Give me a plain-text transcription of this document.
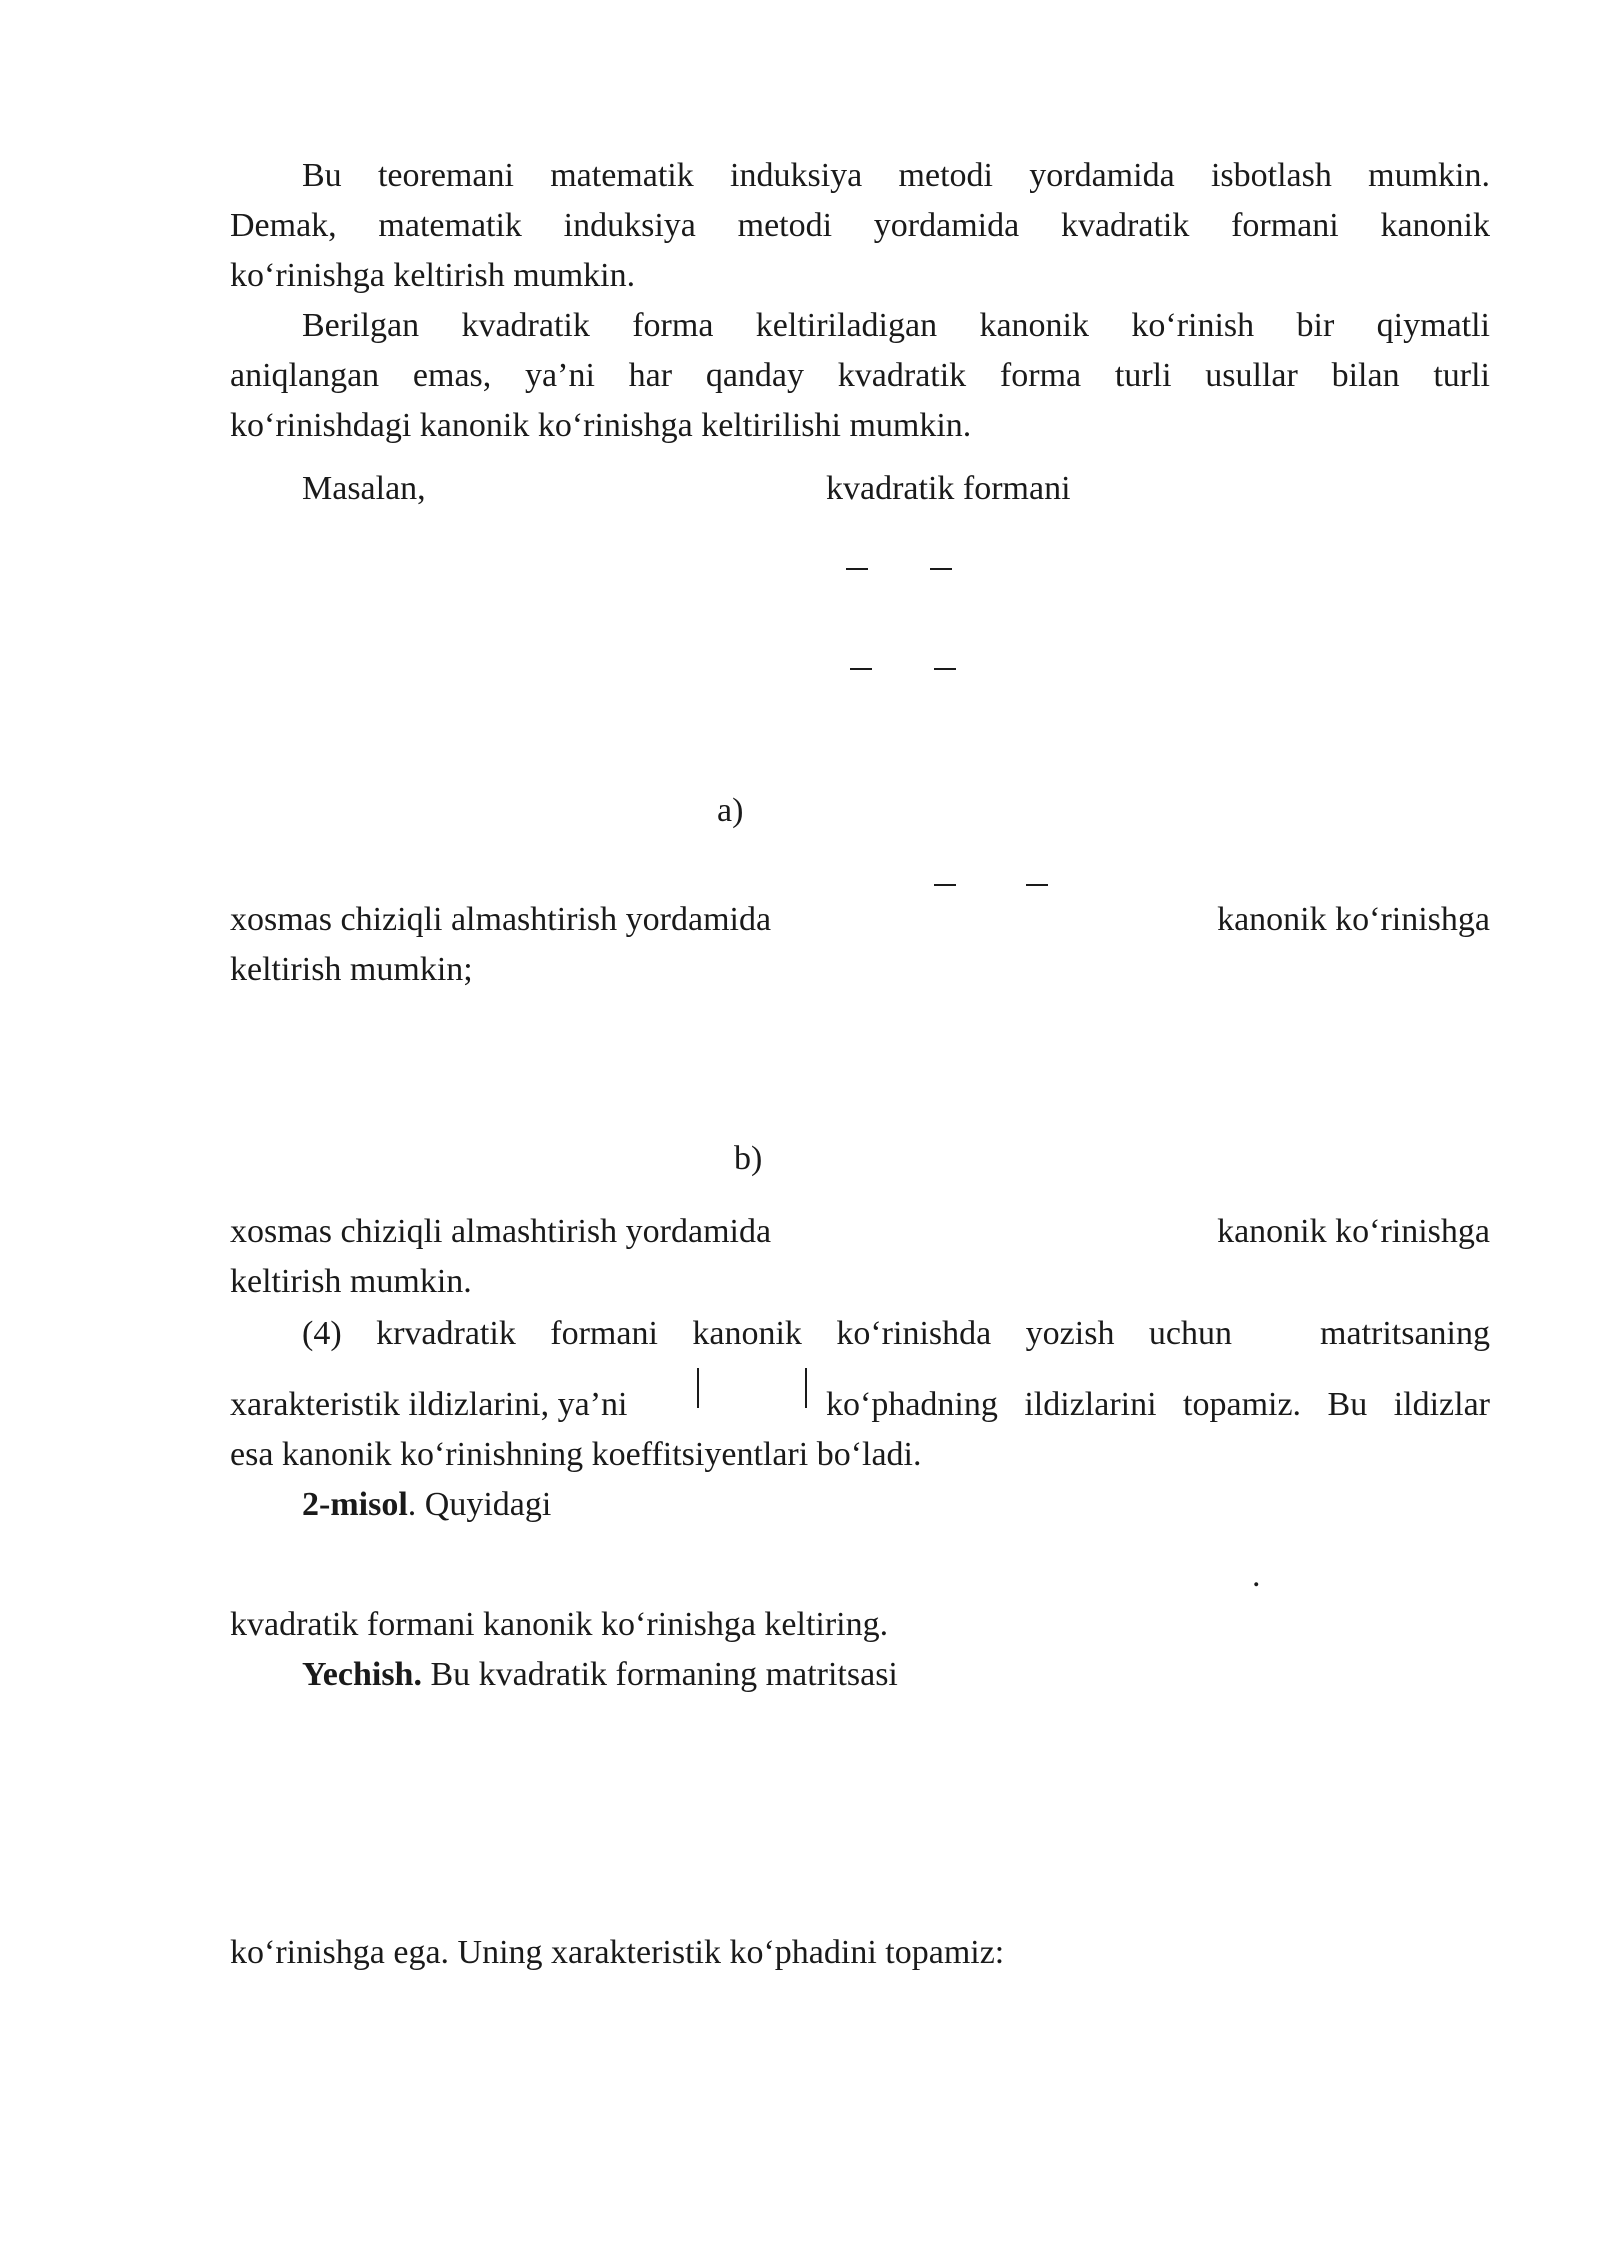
Bu teoremani matematik induksiya metodi yordamida isbotlash mumkin.
Demak, matematik induksiya metodi yordamida kvadratik formani kanonik
ko‘rinishga keltirish mumkin.
Berilgan kvadratik forma keltiriladigan kanonik ko‘rinish bir qiymatli
aniqlangan emas, ya’ni har qanday kvadratik forma turli usullar bilan turli
ko‘rinishdagi kanonik ko‘rinishga keltirilishi mumkin.
Masalan,	kvadratik formani
a)
xosmas chiziqli almashtirish yordamida	kanonik ko‘rinishga
keltirish mumkin;
b)
xosmas chiziqli almashtirish yordamida	kanonik ko‘rinishga
keltirish mumkin.
(4) krvadratik formani kanonik ko‘rinishda yozish uchun	matritsaning
xarakteristik ildizlarini, ya’ni	ko‘phadning ildizlarini topamiz. Bu ildizlar
esa kanonik ko‘rinishning koeffitsiyentlari bo‘ladi.
2-misol. Quyidagi
.
kvadratik formani kanonik ko‘rinishga keltiring.
Yechish. Bu kvadratik formaning matritsasi
ko‘rinishga ega. Uning xarakteristik ko‘phadini topamiz:
